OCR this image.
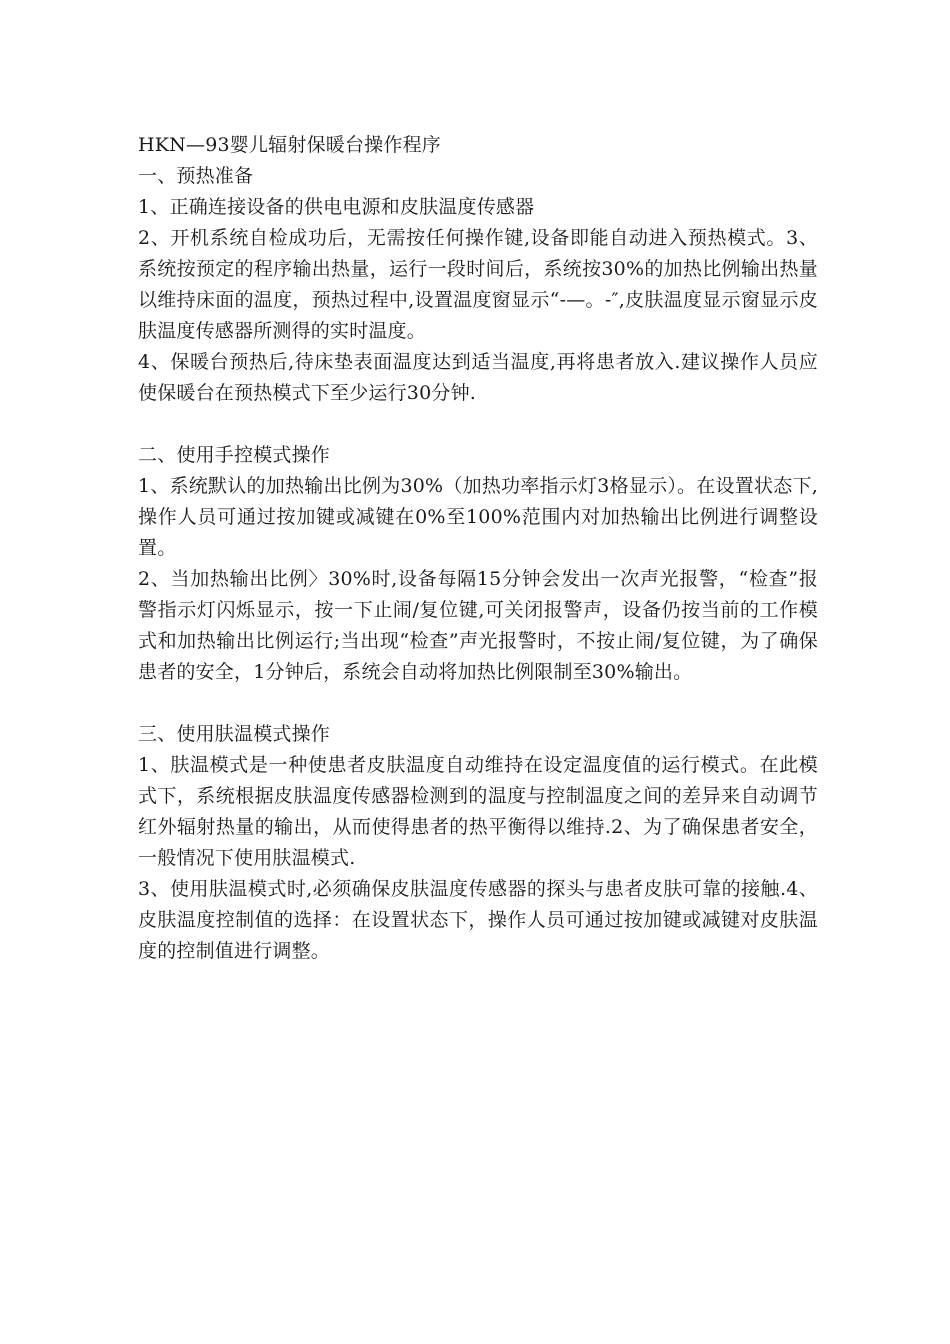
HKN—93婴儿辐射保暖台操作程序

一、预热准备

1、正确连接设备的供电电源和皮肤温度传感器

2、开机系统自检成功后，无需按任何操作键,设备即能自动进入预热模式。3、系统按预定的程序输出热量，运行一段时间后，系统按30%的加热比例输出热量以维持床面的温度，预热过程中,设置温度窗显示“-—。-″,皮肤温度显示窗显示皮肤温度传感器所测得的实时温度。

4、保暖台预热后,待床垫表面温度达到适当温度,再将患者放入.建议操作人员应使保暖台在预热模式下至少运行30分钟.

二、使用手控模式操作

1、系统默认的加热输出比例为30%（加热功率指示灯3格显示）。在设置状态下,操作人员可通过按加键或减键在0%至100%范围内对加热输出比例进行调整设置。

2、当加热输出比例〉30%时,设备每隔15分钟会发出一次声光报警，“检查”报警指示灯闪烁显示，按一下止闹/复位键,可关闭报警声，设备仍按当前的工作模式和加热输出比例运行;当出现“检查”声光报警时，不按止闹/复位键，为了确保患者的安全，1分钟后，系统会自动将加热比例限制至30%输出。

三、使用肤温模式操作

1、肤温模式是一种使患者皮肤温度自动维持在设定温度值的运行模式。在此模式下，系统根据皮肤温度传感器检测到的温度与控制温度之间的差异来自动调节红外辐射热量的输出，从而使得患者的热平衡得以维持.2、为了确保患者安全，一般情况下使用肤温模式.

3、使用肤温模式时,必须确保皮肤温度传感器的探头与患者皮肤可靠的接触.4、皮肤温度控制值的选择：在设置状态下，操作人员可通过按加键或减键对皮肤温度的控制值进行调整。
